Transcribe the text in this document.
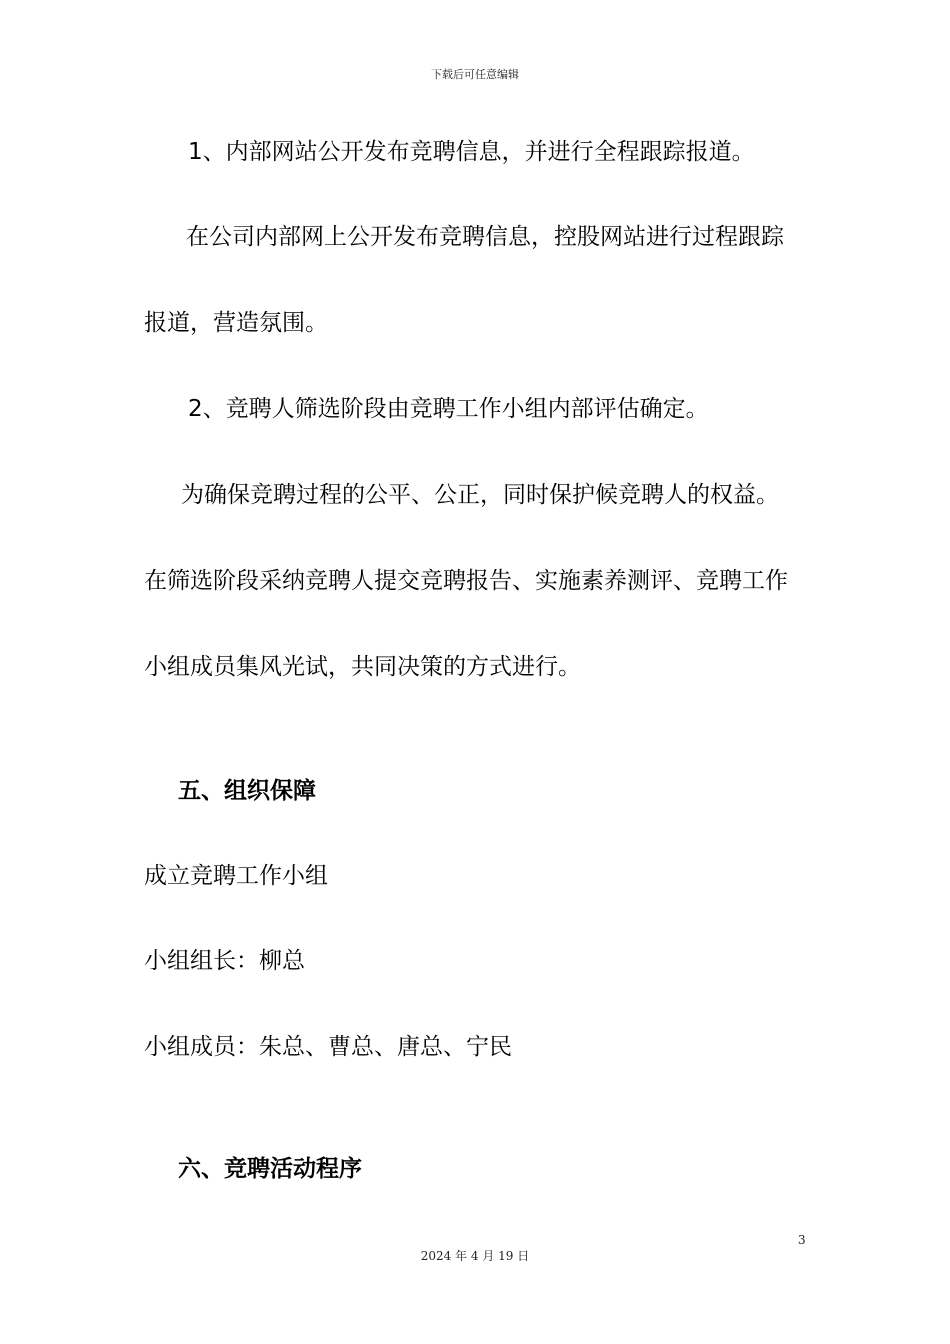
下载后可任意编辑
1、内部网站公开发布竞聘信息，并进行全程跟踪报道。
在公司内部网上公开发布竞聘信息，控股网站进行过程跟踪
报道，营造氛围。
2、竞聘人筛选阶段由竞聘工作小组内部评估确定。
为确保竞聘过程的公平、公正，同时保护候竞聘人的权益。
在筛选阶段采纳竞聘人提交竞聘报告、实施素养测评、竞聘工作
小组成员集风光试，共同决策的方式进行。
五、组织保障
成立竞聘工作小组
小组组长：柳总
小组成员：朱总、曹总、唐总、宁民
六、竞聘活动程序
3
2024 年 4 月 19 日
